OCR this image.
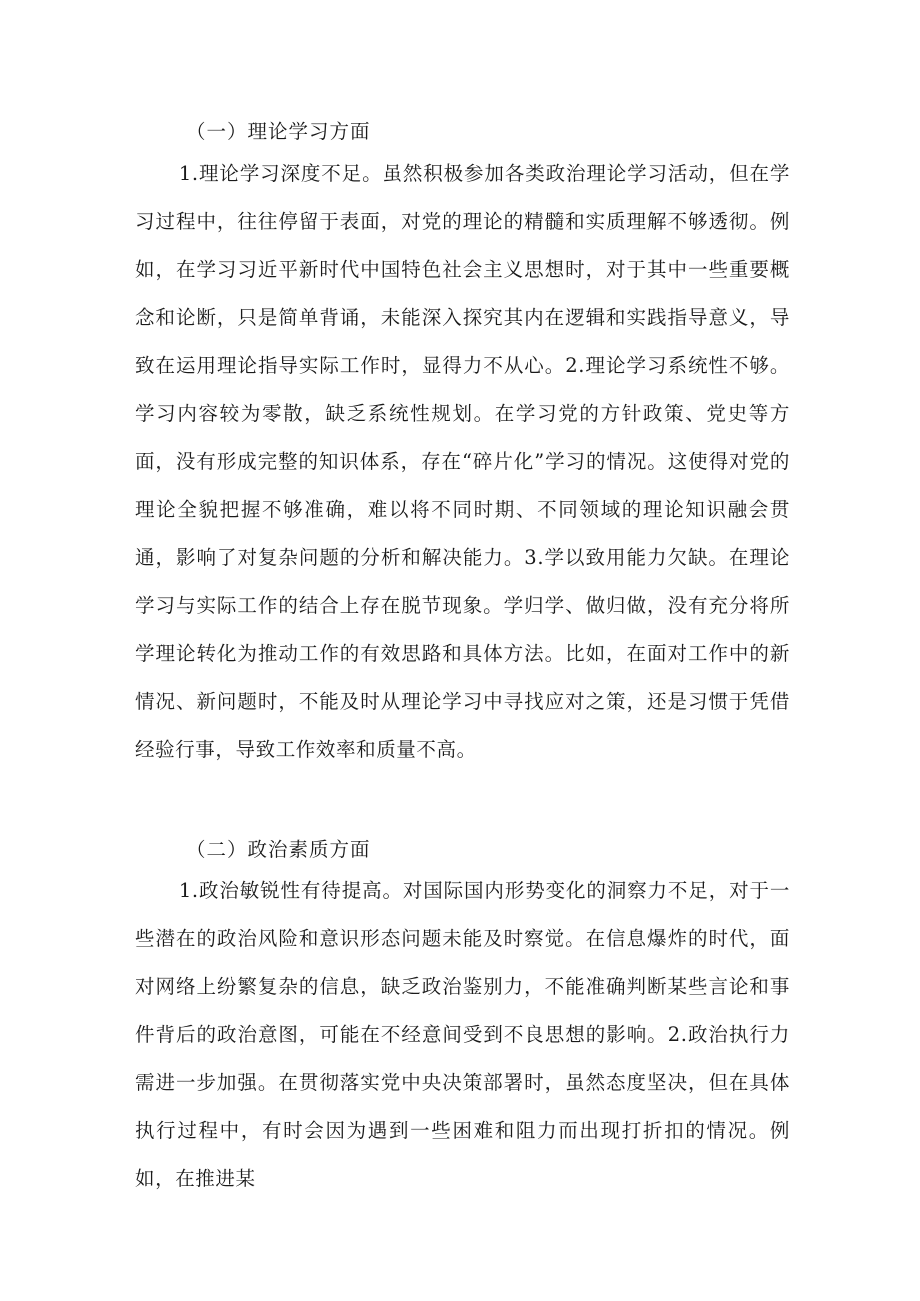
（一）理论学习方面
1.理论学习深度不足。虽然积极参加各类政治理论学习活动，但在学习过程中，往往停留于表面，对党的理论的精髓和实质理解不够透彻。例如，在学习习近平新时代中国特色社会主义思想时，对于其中一些重要概念和论断，只是简单背诵，未能深入探究其内在逻辑和实践指导意义，导致在运用理论指导实际工作时，显得力不从心。2.理论学习系统性不够。学习内容较为零散，缺乏系统性规划。在学习党的方针政策、党史等方面，没有形成完整的知识体系，存在“碎片化”学习的情况。这使得对党的理论全貌把握不够准确，难以将不同时期、不同领域的理论知识融会贯通，影响了对复杂问题的分析和解决能力。3.学以致用能力欠缺。在理论学习与实际工作的结合上存在脱节现象。学归学、做归做，没有充分将所学理论转化为推动工作的有效思路和具体方法。比如，在面对工作中的新情况、新问题时，不能及时从理论学习中寻找应对之策，还是习惯于凭借经验行事，导致工作效率和质量不高。
（二）政治素质方面
1.政治敏锐性有待提高。对国际国内形势变化的洞察力不足，对于一些潜在的政治风险和意识形态问题未能及时察觉。在信息爆炸的时代，面对网络上纷繁复杂的信息，缺乏政治鉴别力，不能准确判断某些言论和事件背后的政治意图，可能在不经意间受到不良思想的影响。2.政治执行力需进一步加强。在贯彻落实党中央决策部署时，虽然态度坚决，但在具体执行过程中，有时会因为遇到一些困难和阻力而出现打折扣的情况。例如，在推进某
